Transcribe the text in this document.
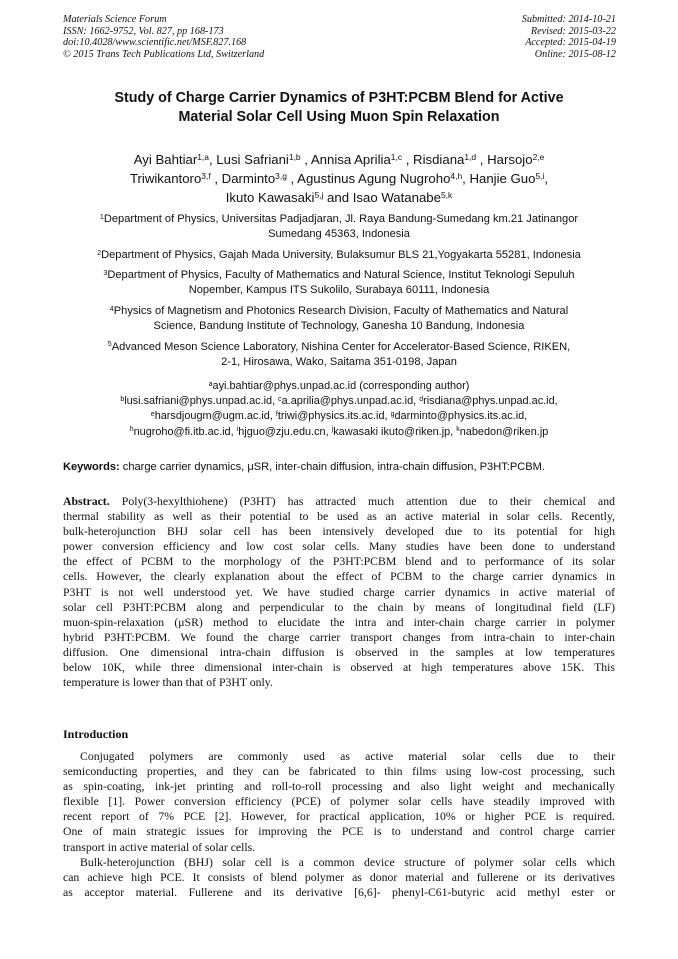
Materials Science Forum
ISSN: 1662-9752, Vol. 827, pp 168-173
doi:10.4028/www.scientific.net/MSF.827.168
© 2015 Trans Tech Publications Ltd, Switzerland
Submitted: 2014-10-21
Revised: 2015-03-22
Accepted: 2015-04-19
Online: 2015-08-12
Study of Charge Carrier Dynamics of P3HT:PCBM Blend for Active
Material Solar Cell Using Muon Spin Relaxation
Ayi Bahtiar$^{1,a}$, Lusi Safriani$^{1,b}$ , Annisa Aprilia$^{1,c}$ , Risdiana$^{1,d}$ , Harsojo$^{2,e}$
Triwikantoro$^{3,f}$ , Darminto$^{3,g}$ , Agustinus Agung Nugroho$^{4,h}$, Hanjie Guo$^{5,i}$,
Ikuto Kawasaki$^{5,j}$ and Isao Watanabe$^{5,k}$
$^1$Department of Physics, Universitas Padjadjaran, Jl. Raya Bandung-Sumedang km.21 Jatinangor
Sumedang 45363, Indonesia
$^2$Department of Physics, Gajah Mada University, Bulaksumur BLS 21,Yogyakarta 55281, Indonesia
$^3$Department of Physics, Faculty of Mathematics and Natural Science, Institut Teknologi Sepuluh
Nopember, Kampus ITS Sukolilo, Surabaya 60111, Indonesia
$^4$Physics of Magnetism and Photonics Research Division, Faculty of Mathematics and Natural
Science, Bandung Institute of Technology, Ganesha 10 Bandung, Indonesia
$^5$Advanced Meson Science Laboratory, Nishina Center for Accelerator-Based Science, RIKEN,
2-1, Hirosawa, Wako, Saitama 351-0198, Japan
$^a$ayi.bahtiar@phys.unpad.ac.id (corresponding author)
$^b$lusi.safriani@phys.unpad.ac.id, $^c$a.aprilia@phys.unpad.ac.id, $^d$risdiana@phys.unpad.ac.id,
$^e$harsdjougm@ugm.ac.id, $^f$triwi@physics.its.ac.id, $^g$darminto@physics.its.ac.id,
$^h$nugroho@fi.itb.ac.id, $^i$hjguo@zju.edu.cn, $^j$kawasaki ikuto@riken.jp, $^k$nabedon@riken.jp
Keywords: charge carrier dynamics, μSR, inter-chain diffusion, intra-chain diffusion, P3HT:PCBM.
Abstract. Poly(3-hexylthiohene) (P3HT) has attracted much attention due to their chemical and
thermal stability as well as their potential to be used as an active material in solar cells. Recently,
bulk-heterojunction BHJ solar cell has been intensively developed due to its potential for high
power conversion efficiency and low cost solar cells. Many studies have been done to understand
the effect of PCBM to the morphology of the P3HT:PCBM blend and to performance of its solar
cells. However, the clearly explanation about the effect of PCBM to the charge carrier dynamics in
P3HT is not well understood yet. We have studied charge carrier dynamics in active material of
solar cell P3HT:PCBM along and perpendicular to the chain by means of longitudinal field (LF)
muon-spin-relaxation (μSR) method to elucidate the intra and inter-chain charge carrier in polymer
hybrid P3HT:PCBM. We found the charge carrier transport changes from intra-chain to inter-chain
diffusion. One dimensional intra-chain diffusion is observed in the samples at low temperatures
below 10K, while three dimensional inter-chain is observed at high temperatures above 15K. This
temperature is lower than that of P3HT only.
Introduction
Conjugated polymers are commonly used as active material solar cells due to their
semiconducting properties, and they can be fabricated to thin films using low-cost processing, such
as spin-coating, ink-jet printing and roll-to-roll processing and also light weight and mechanically
flexible [1]. Power conversion efficiency (PCE) of polymer solar cells have steadily improved with
recent report of 7% PCE [2]. However, for practical application, 10% or higher PCE is required.
One of main strategic issues for improving the PCE is to understand and control charge carrier
transport in active material of solar cells.
Bulk-heterojunction (BHJ) solar cell is a common device structure of polymer solar cells which
can achieve high PCE. It consists of blend polymer as donor material and fullerene or its derivatives
as acceptor material. Fullerene and its derivative [6,6]- phenyl-C61-butyric acid methyl ester or
